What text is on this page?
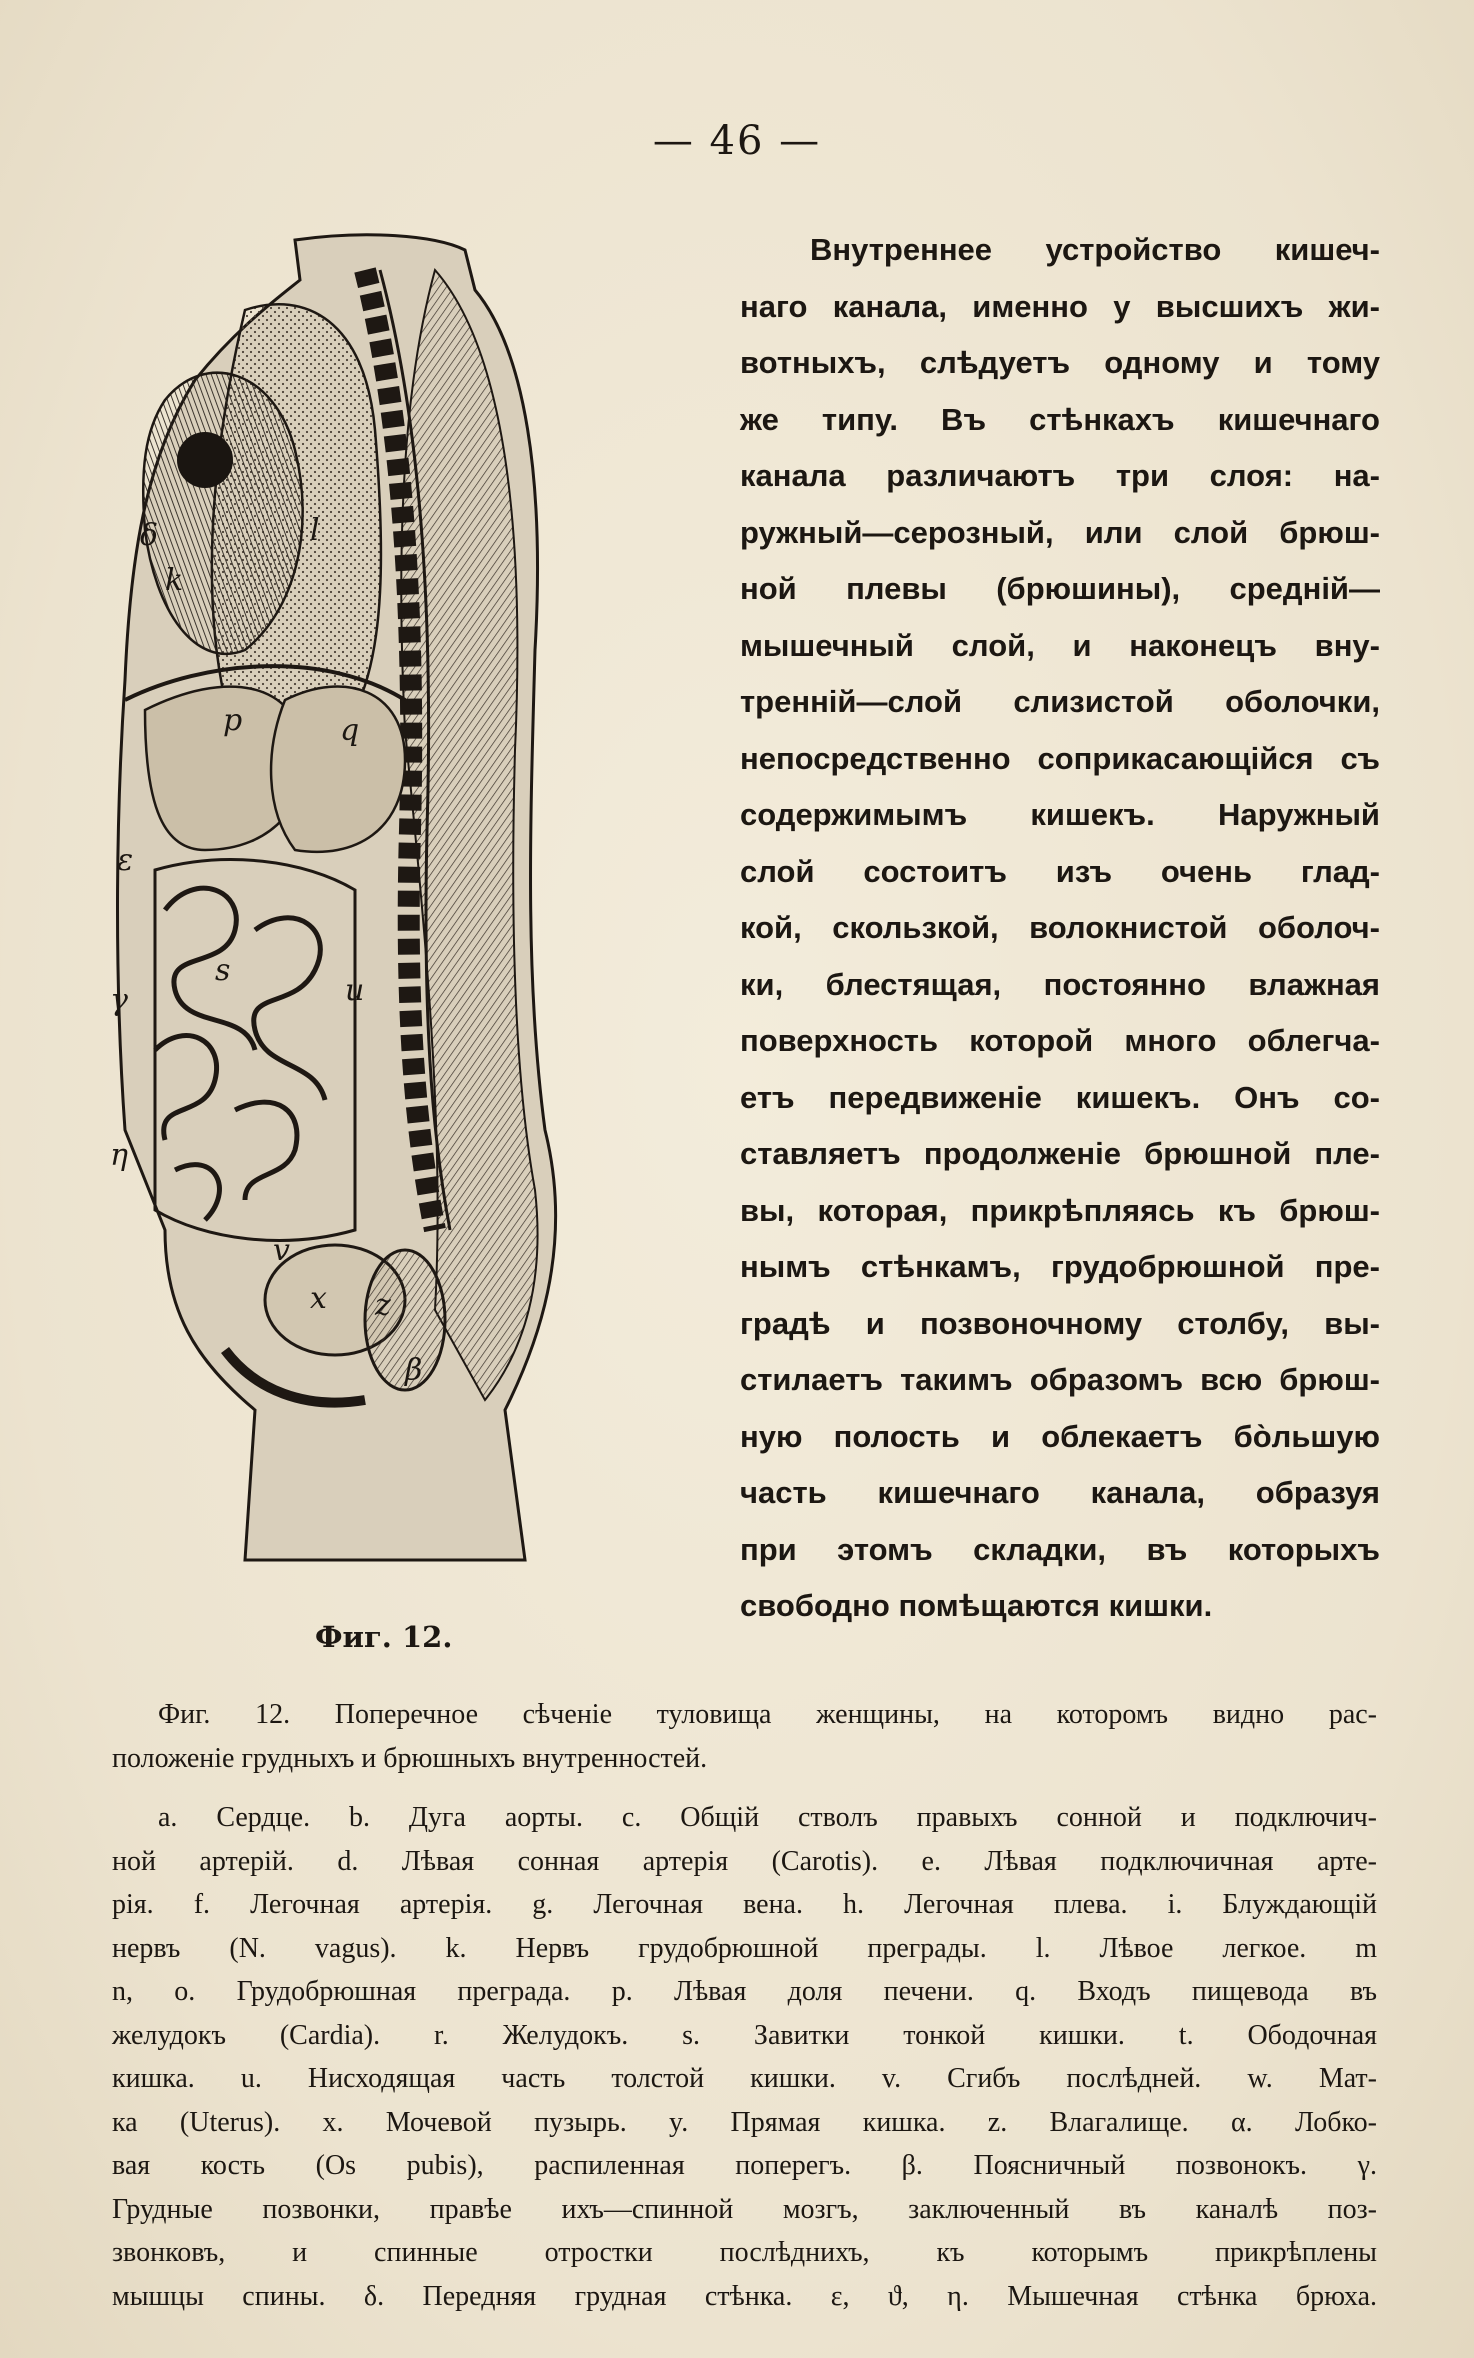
— 46 —
δ
k
l
p	q
ε
γ
s
u
η
v
x z
β
Фиг. 12.
Внутреннее устройство кишеч-
наго канала, именно у высшихъ жи-
вотныхъ, слѣдуетъ одному и тому
же типу. Въ стѣнкахъ кишечнаго
канала различаютъ три слоя: на-
ружный—серозный, или слой брюш-
ной плевы (брюшины), средній—
мышечный слой, и наконецъ вну-
тренній—слой слизистой оболочки,
непосредственно соприкасающійся съ
содержимымъ кишекъ. Наружный
слой состоитъ изъ очень глад-
кой, скользкой, волокнистой оболоч-
ки, блестящая, постоянно влажная
поверхность которой много облегча-
етъ передвиженіе кишекъ. Онъ со-
ставляетъ продолженіе брюшной пле-
вы, которая, прикрѣпляясь къ брюш-
нымъ стѣнкамъ, грудобрюшной пре-
градѣ и позвоночному столбу, вы-
стилаетъ такимъ образомъ всю брюш-
ную полость и облекаетъ бо̀льшую
часть кишечнаго канала, образуя
при этомъ складки, въ которыхъ
свободно помѣщаются кишки.
Фиг. 12. Поперечное сѣченіе туловища женщины, на которомъ видно рас-
положеніе грудныхъ и брюшныхъ внутренностей.
a. Сердце. b. Дуга аорты. c. Общій стволъ правыхъ сонной и подключич-
ной артерій. d. Лѣвая сонная артерія (Carotis). e. Лѣвая подключичная арте-
рія. f. Легочная артерія. g. Легочная вена. h. Легочная плева. i. Блуждающій
нервъ (N. vagus). k. Нервъ грудобрюшной преграды. l. Лѣвое легкое. m
n, o. Грудобрюшная преграда. p. Лѣвая доля печени. q. Входъ пищевода въ
желудокъ (Cardia). r. Желудокъ. s. Завитки тонкой кишки. t. Ободочная
кишка. u. Нисходящая часть толстой кишки. v. Сгибъ послѣдней. w. Мат-
ка (Uterus). x. Мочевой пузырь. y. Прямая кишка. z. Влагалище. α. Лобко-
вая кость (Os pubis), распиленная поперегъ. β. Поясничный позвонокъ. γ.
Грудные позвонки, правѣе ихъ—спинной мозгъ, заключенный въ каналѣ поз-
звонковъ, и спинные отростки послѣднихъ, къ которымъ прикрѣплены
мышцы спины. δ. Передняя грудная стѣнка. ε, ϑ, η. Мышечная стѣнка брюха.
